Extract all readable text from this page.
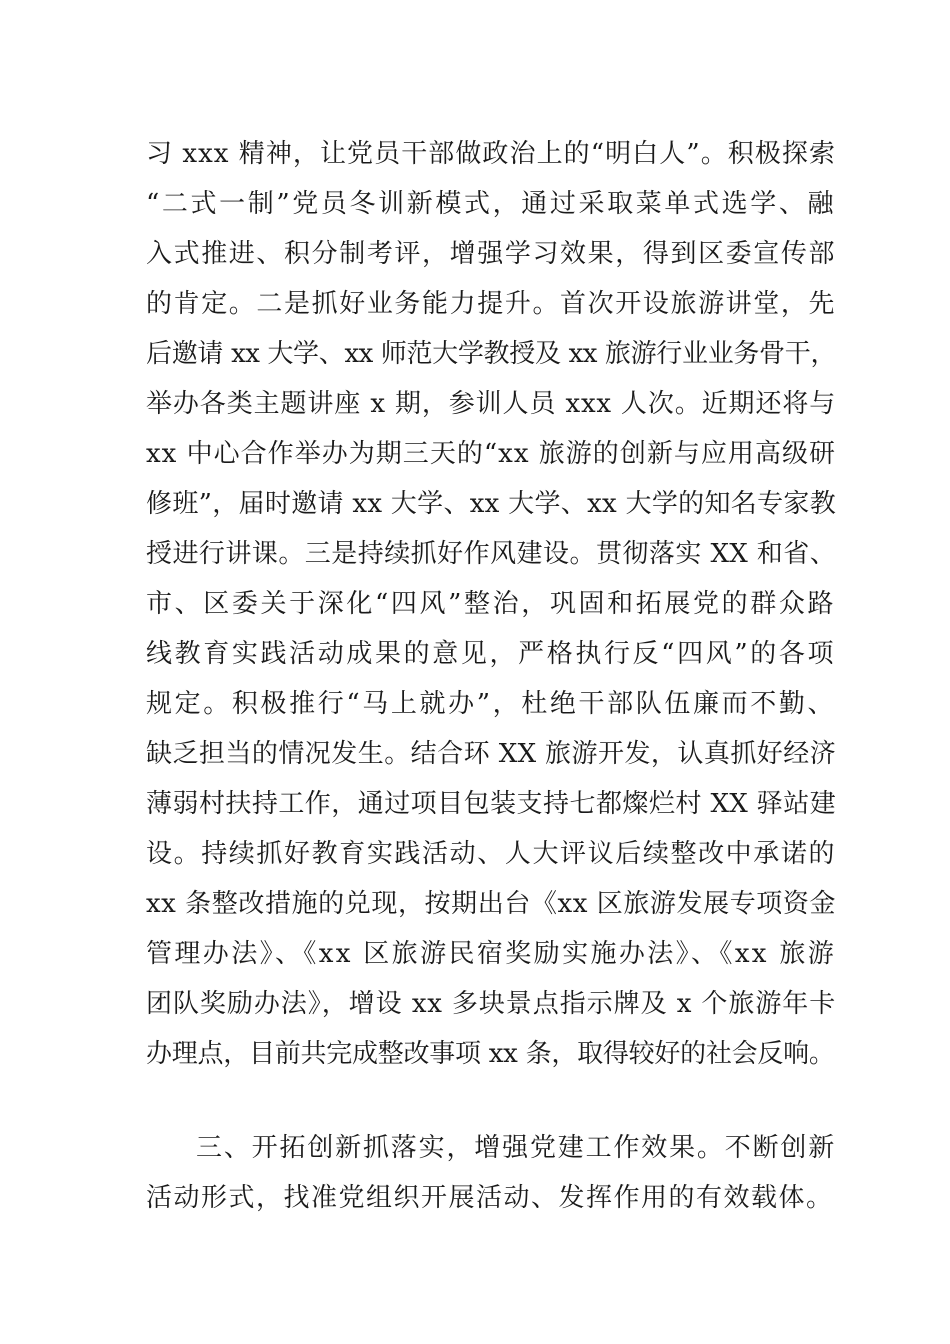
习 xxx 精神，让党员干部做政治上的“明白人”。积极探索
“二式一制”党员冬训新模式，通过采取菜单式选学、融
入式推进、积分制考评，增强学习效果，得到区委宣传部
的肯定。二是抓好业务能力提升。首次开设旅游讲堂，先
后邀请 xx 大学、xx 师范大学教授及 xx 旅游行业业务骨干，
举办各类主题讲座 x 期，参训人员 xxx 人次。近期还将与
xx 中心合作举办为期三天的“xx 旅游的创新与应用高级研
修班”，届时邀请 xx 大学、xx 大学、xx 大学的知名专家教
授进行讲课。三是持续抓好作风建设。贯彻落实 XX 和省、
市、区委关于深化“四风”整治，巩固和拓展党的群众路
线教育实践活动成果的意见，严格执行反“四风”的各项
规定。积极推行“马上就办”，杜绝干部队伍廉而不勤、
缺乏担当的情况发生。结合环 XX 旅游开发，认真抓好经济
薄弱村扶持工作，通过项目包装支持七都燦烂村 XX 驿站建
设。持续抓好教育实践活动、人大评议后续整改中承诺的
xx 条整改措施的兑现，按期出台《xx 区旅游发展专项资金
管理办法》、《xx 区旅游民宿奖励实施办法》、《xx 旅游
团队奖励办法》，增设 xx 多块景点指示牌及 x 个旅游年卡
办理点，目前共完成整改事项 xx 条，取得较好的社会反响。
三、开拓创新抓落实，增强党建工作效果。不断创新
活动形式，找准党组织开展活动、发挥作用的有效载体。
